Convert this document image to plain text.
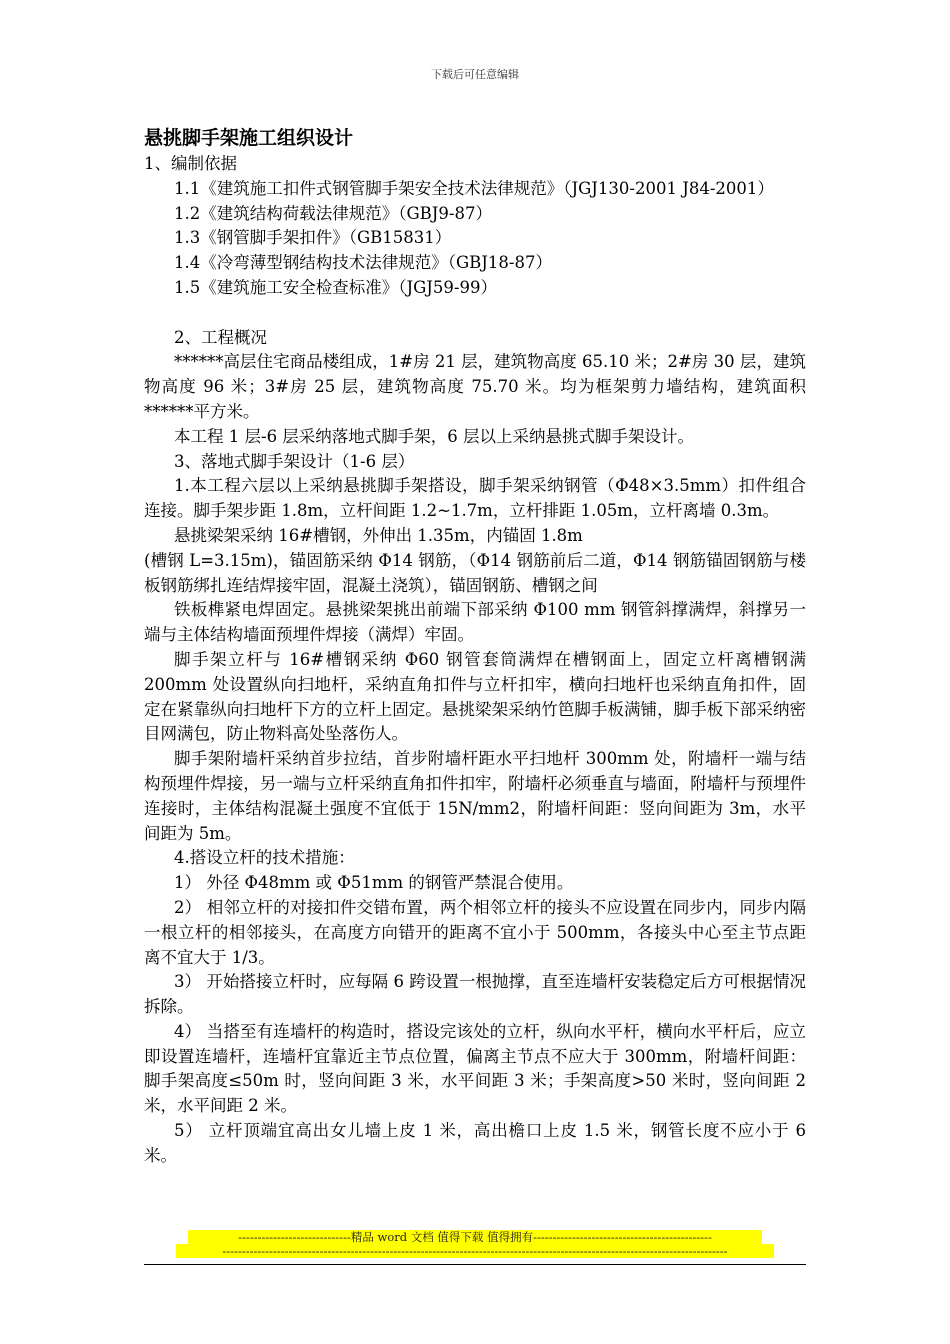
下载后可任意编辑
悬挑脚手架施工组织设计

1、编制依据

1.1《建筑施工扣件式钢管脚手架安全技术法律规范》（JGJ130-2001 J84-2001）

1.2《建筑结构荷载法律规范》（GBJ9-87）

1.3《钢管脚手架扣件》（GB15831）

1.4《冷弯薄型钢结构技术法律规范》（GBJ18-87）

1.5《建筑施工安全检查标准》（JGJ59-99）

2、工程概况

******高层住宅商品楼组成，1#房 21 层，建筑物高度 65.10 米；2#房 30 层，建筑物高度 96 米；3#房 25 层，建筑物高度 75.70 米。均为框架剪力墙结构，建筑面积******平方米。

本工程 1 层-6 层采纳落地式脚手架，6 层以上采纳悬挑式脚手架设计。

3、落地式脚手架设计（1-6 层）

1.本工程六层以上采纳悬挑脚手架搭设，脚手架采纳钢管（Φ48×3.5mm）扣件组合连接。脚手架步距 1.8m，立杆间距 1.2~1.7m，立杆排距 1.05m，立杆离墙 0.3m。

悬挑梁架采纳 16#槽钢，外伸出 1.35m，内锚固 1.8m

(槽钢 L=3.15m)，锚固筋采纳 Φ14 钢筋，（Φ14 钢筋前后二道，Φ14 钢筋锚固钢筋与楼板钢筋绑扎连结焊接牢固，混凝土浇筑），锚固钢筋、槽钢之间

铁板榫紧电焊固定。悬挑梁架挑出前端下部采纳 Φ100 mm 钢管斜撑满焊，斜撑另一端与主体结构墙面预埋件焊接（满焊）牢固。

脚手架立杆与 16#槽钢采纳 Φ60 钢管套筒满焊在槽钢面上，固定立杆离槽钢满 200mm 处设置纵向扫地杆，采纳直角扣件与立杆扣牢，横向扫地杆也采纳直角扣件，固定在紧靠纵向扫地杆下方的立杆上固定。悬挑梁架采纳竹笆脚手板满铺，脚手板下部采纳密目网满包，防止物料高处坠落伤人。

脚手架附墙杆采纳首步拉结，首步附墙杆距水平扫地杆 300mm 处，附墙杆一端与结构预埋件焊接，另一端与立杆采纳直角扣件扣牢，附墙杆必须垂直与墙面，附墙杆与预埋件连接时，主体结构混凝土强度不宜低于 15N/mm2，附墙杆间距：竖向间距为 3m，水平间距为 5m。

4.搭设立杆的技术措施：

1） 外径 Φ48mm 或 Φ51mm 的钢管严禁混合使用。

2） 相邻立杆的对接扣件交错布置，两个相邻立杆的接头不应设置在同步内，同步内隔一根立杆的相邻接头，在高度方向错开的距离不宜小于 500mm，各接头中心至主节点距离不宜大于 1/3。

3） 开始搭接立杆时，应每隔 6 跨设置一根抛撑，直至连墙杆安装稳定后方可根据情况拆除。

4） 当搭至有连墙杆的构造时，搭设完该处的立杆，纵向水平杆，横向水平杆后，应立即设置连墙杆，连墙杆宜靠近主节点位置，偏离主节点不应大于 300mm，附墙杆间距：脚手架高度≤50m 时，竖向间距 3 米，水平间距 3 米；手架高度>50 米时，竖向间距 2 米，水平间距 2 米。

5） 立杆顶端宜高出女儿墙上皮 1 米，高出檐口上皮 1.5 米，钢管长度不应小于 6 米。

-----------------------------精品 word 文档 值得下载 值得拥有----------------------------------------------
----------------------------------------------------------------------------------------------------------------------------------
